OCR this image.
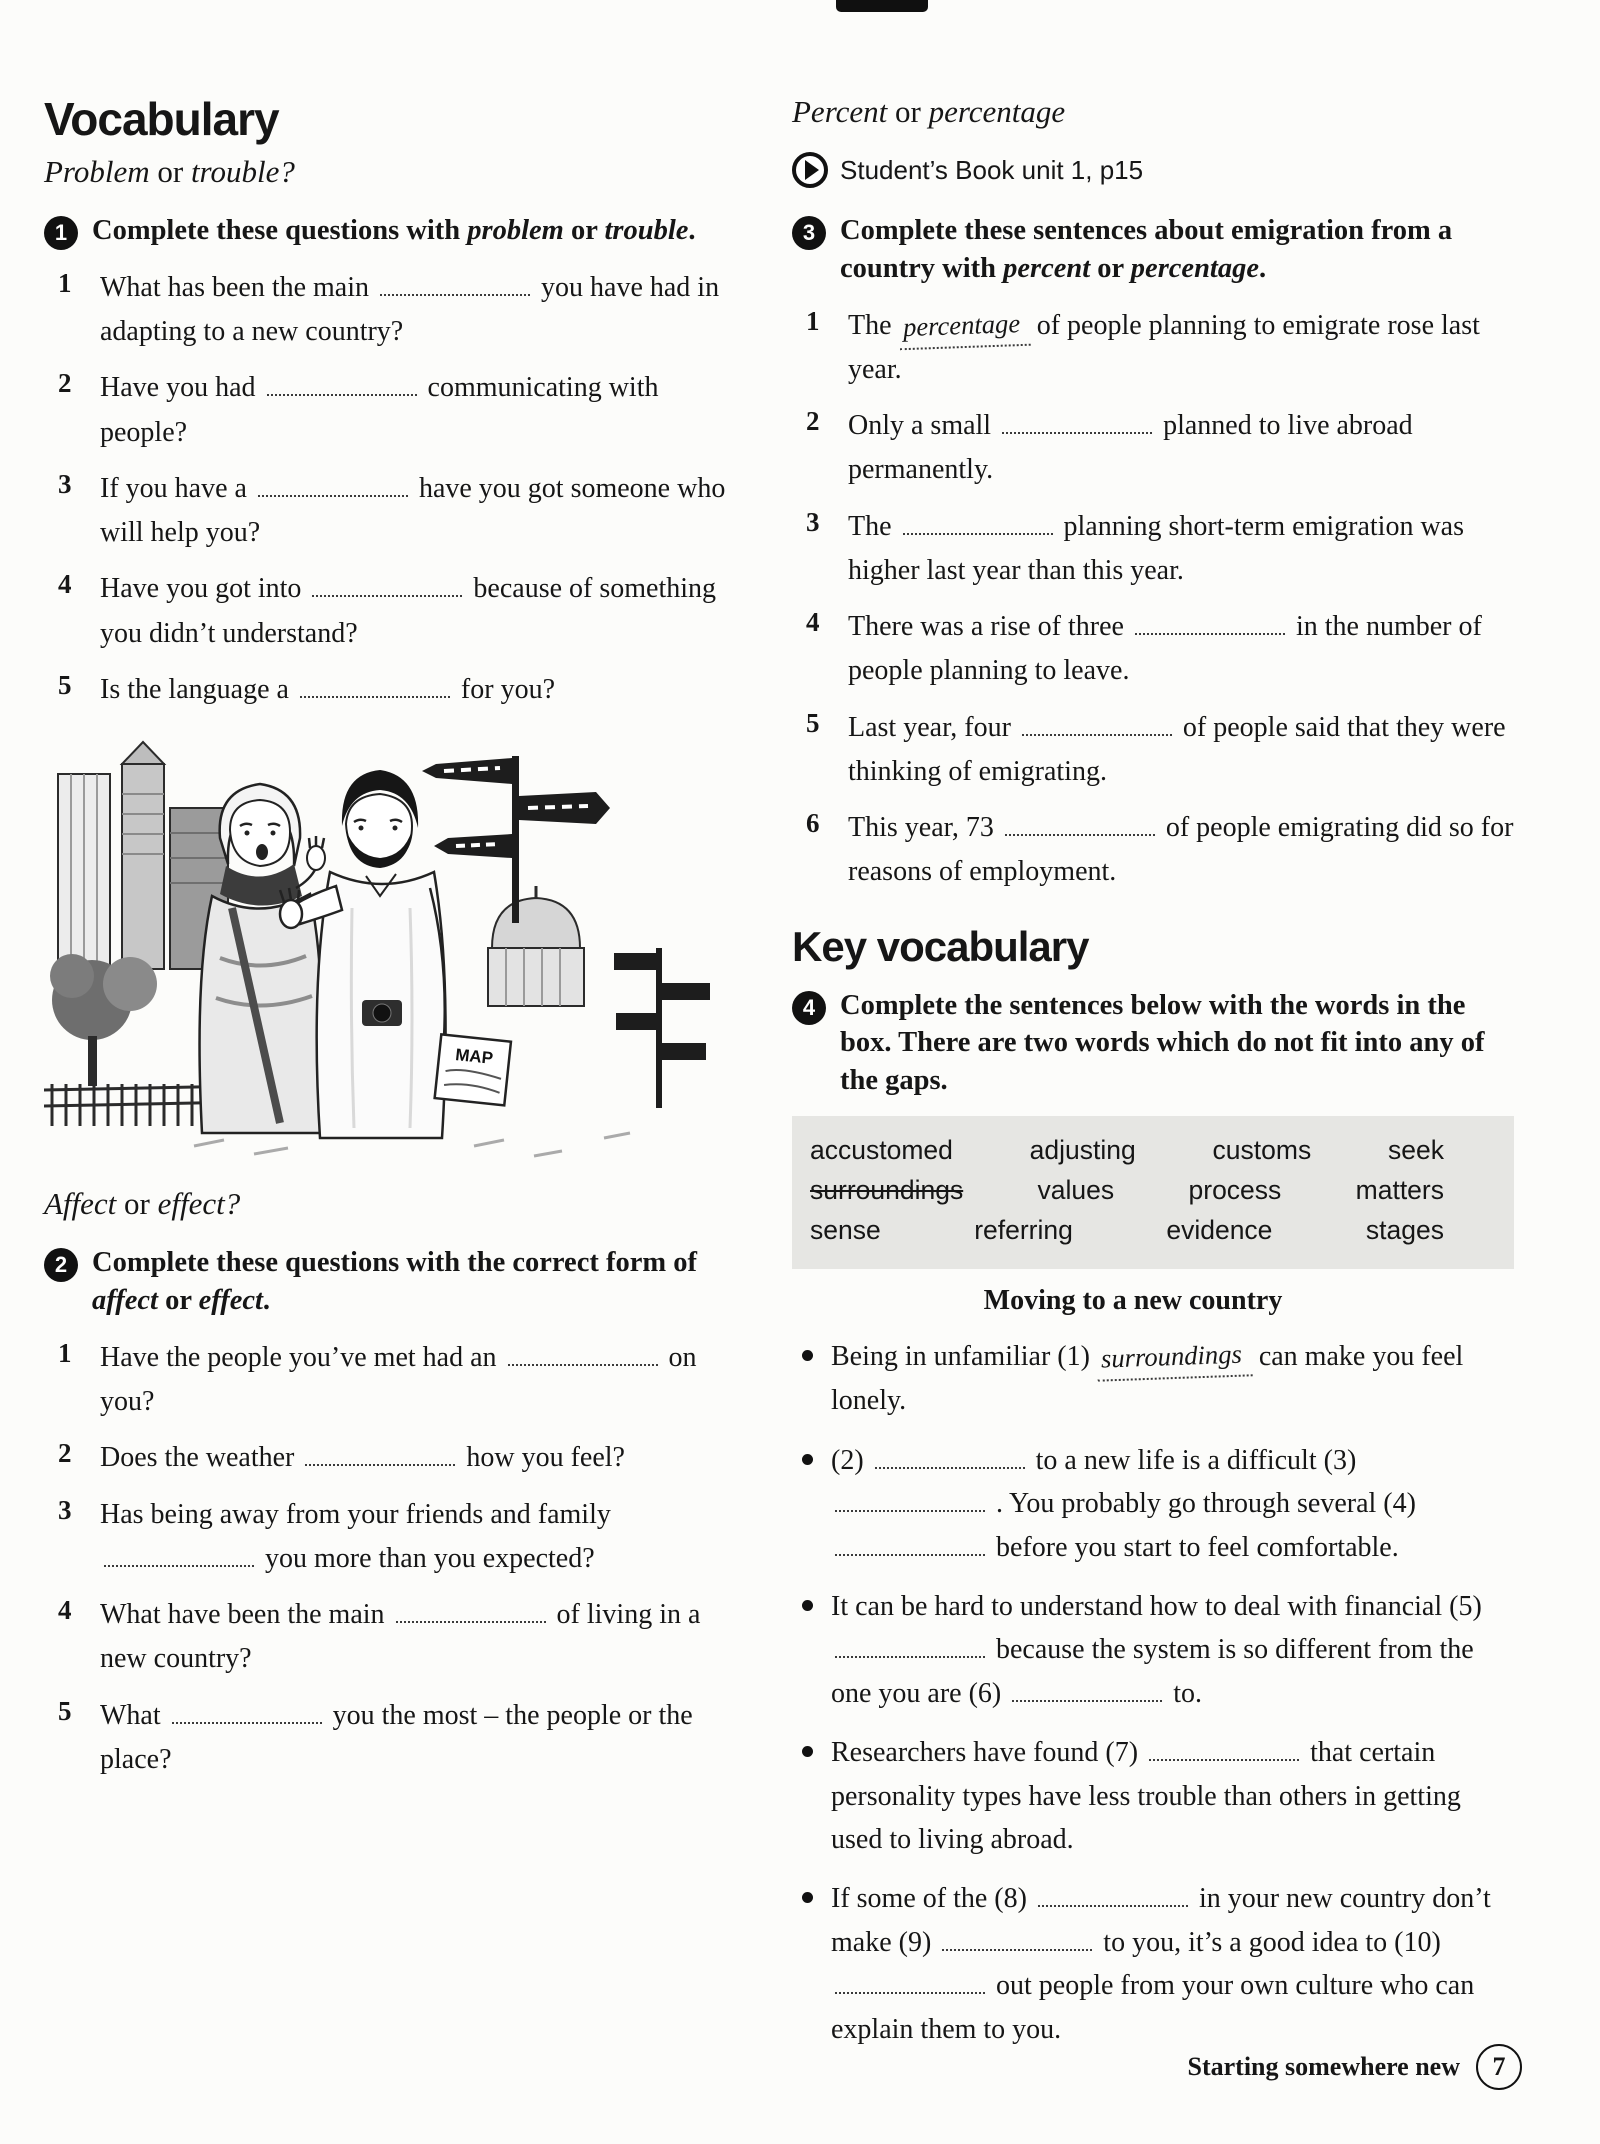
Vocabulary
Problem or trouble?
1 Complete these questions with problem or trouble.
1	What has been the main	you have had in adapting to a new country?
2	Have you had	communicating with people?
3	If you have a	have you got someone who will help you?
4	Have you got into	because of something you didn’t understand?
5	Is the language a	for you?
MAP
Affect or effect?
2 Complete these questions with the correct form of affect or effect.
1	Have the people you’ve met had an	on you?
2	Does the weather	how you feel?
3	Has being away from your friends and family  you more than you expected?
4	What have been the main	of living in a new country?
5	What	you the most – the people or the place?
Percent or percentage
Student’s Book unit 1, p15
3 Complete these sentences about emigration from a country with percent or percentage.
1	The percentage of people planning to emigrate rose last year.
2	Only a small	planned to live abroad permanently.
3	The	planning short-term emigration was higher last year than this year.
4	There was a rise of three	in the number of people planning to leave.
5	Last year, four	of people said that they were thinking of emigrating.
6	This year, 73	of people emigrating did so for reasons of employment.
Key vocabulary
4 Complete the sentences below with the words in the box. There are two words which do not fit into any of the gaps.
accustomed	adjusting	customs	seek
surroundings	values	process	matters
sense	referring	evidence	stages
Moving to a new country
Being in unfamiliar (1) surroundings can make you feel lonely.
(2)	to a new life is a difficult (3)  . You probably go through several (4)  before you start to feel comfortable.
It can be hard to understand how to deal with financial (5)  because the system is so different from the one you are (6)	to.
Researchers have found (7)	that certain personality types have less trouble than others in getting used to living abroad.
If some of the (8)	in your new country don’t make (9)	to you, it’s a good idea to (10)  out people from your own culture who can explain them to you.
Starting somewhere new	7
